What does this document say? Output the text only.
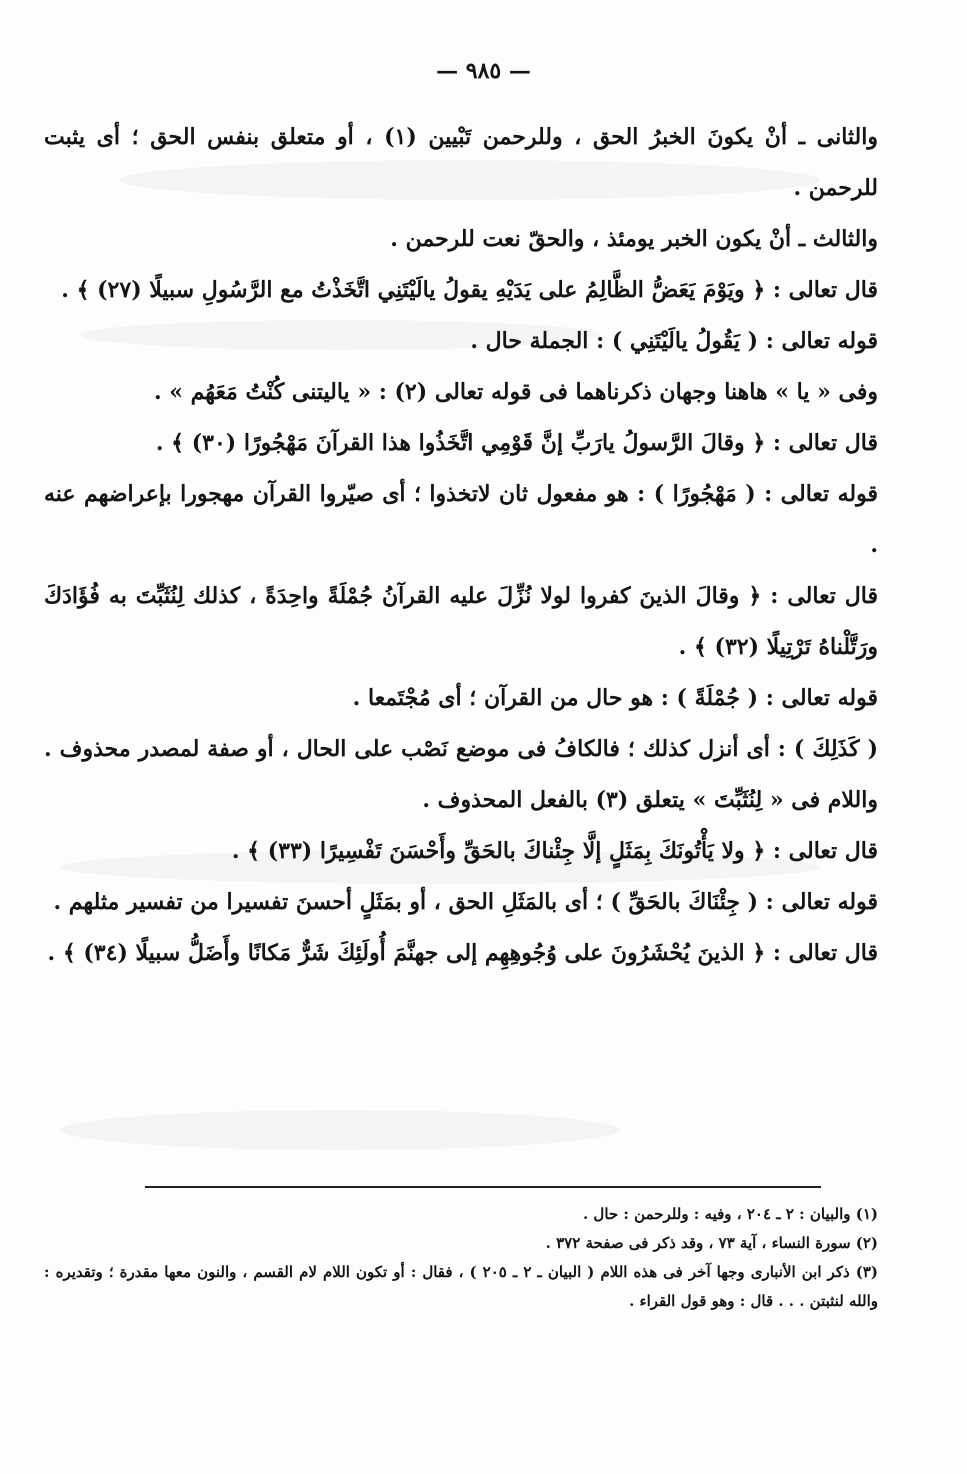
— ٩٨٥ —

والثانى ـ أنْ يكونَ الخبرُ الحق ، وللرحمن تَبْيين (١) ، أو متعلق بنفس الحق ؛ أى يثبت للرحمن .

والثالث ـ أنْ يكون الخبر يومئذ ، والحقّ نعت للرحمن .

قال تعالى : ﴿ ويَوْمَ يَعَضُّ الظَّالِمُ على يَدَيْهِ يقولُ يالَيْتَنِي اتَّخَذْتُ مع الرَّسُولِ سبيلًا (٢٧) ﴾ .

قوله تعالى : ( يَقُولُ يالَيْتَنِي ) : الجملة حال .

وفى « يا » هاهنا وجهان ذكرناهما فى قوله تعالى (٢) : « ياليتنى كُنْتُ مَعَهُم » .

قال تعالى : ﴿ وقالَ الرَّسولُ يارَبِّ إنَّ قَوْمِي اتَّخَذُوا هذا القرآنَ مَهْجُورًا (٣٠) ﴾ .

قوله تعالى : ( مَهْجُورًا ) : هو مفعول ثان لاتخذوا ؛ أى صيّروا القرآن مهجورا بإعراضهم عنه .

قال تعالى : ﴿ وقالَ الذينَ كفروا لولا نُزِّلَ عليه القرآنُ جُمْلَةً واحِدَةً ، كذلك لِنُثَبِّتَ به فُؤَادَكَ ورَتَّلْناهُ تَرْتِيلًا (٣٢) ﴾ .

قوله تعالى : ( جُمْلَةً ) : هو حال من القرآن ؛ أى مُجْتَمعا .

( كَذَلِكَ ) : أى أنزل كذلك ؛ فالكافُ فى موضع نَصْب على الحال ، أو صفة لمصدر محذوف . واللام فى « لِنُثَبِّتَ » يتعلق (٣) بالفعل المحذوف .

قال تعالى : ﴿ ولا يَأْتُونَكَ بِمَثَلٍ إلَّا جِئْناكَ بالحَقِّ وأَحْسَنَ تَفْسِيرًا (٣٣) ﴾ .

قوله تعالى : ( جِئْنَاكَ بالحَقِّ ) ؛ أى بالمَثَلِ الحق ، أو بمَثَلٍ أحسنَ تفسيرا من تفسير مثلهم .

قال تعالى : ﴿ الذينَ يُحْشَرُونَ على وُجُوهِهِم إلى جهنَّمَ أُولَئِكَ شَرٌّ مَكانًا وأَضَلُّ سبيلًا (٣٤) ﴾ .

(١) والبيان : ٢ ـ ٢٠٤ ، وفيه : وللرحمن : حال .

(٢) سورة النساء ، آية ٧٣ ، وقد ذكر فى صفحة ٣٧٢ .

(٣) ذكر ابن الأنبارى وجها آخر فى هذه اللام ( البيان ـ ٢ ـ ٢٠٥ ) ، فقال : أو تكون اللام لام القسم ، والنون معها مقدرة ؛ وتقديره : والله لنثبتن . . . قال : وهو قول القراء .
